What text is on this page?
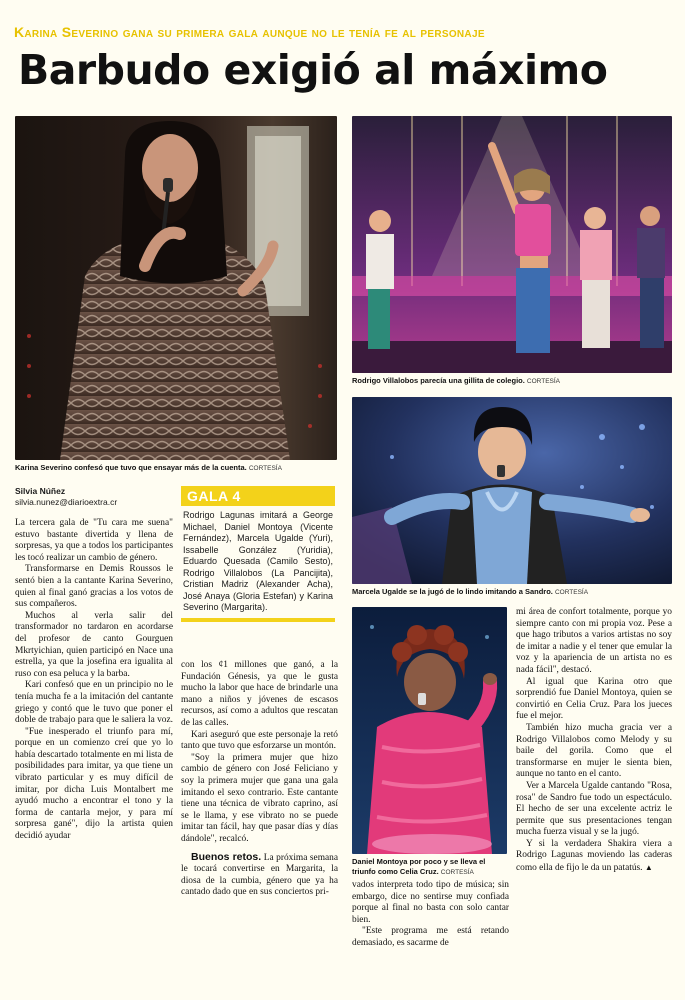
Karina Severino gana su primera gala aunque no le tenía fe al personaje
Barbudo exigió al máximo
Karina Severino confesó que tuvo que ensayar más de la cuenta. CORTESÍA
Rodrigo Villalobos parecía una gillita de colegio. CORTESÍA
Marcela Ugalde se la jugó de lo lindo imitando a Sandro. CORTESÍA
Daniel Montoya por poco y se lleva el triunfo como Celia Cruz. CORTESÍA
Silvia Núñez
silvia.nunez@diarioextra.cr

La tercera gala de "Tu cara me suena" estuvo bastante divertida y llena de sorpresas, ya que a todos los participantes les tocó realizar un cambio de género.

Transformarse en Demis Roussos le sentó bien a la cantante Karina Severino, quien al final ganó gracias a los votos de sus compañeros.

Muchos al verla salir del transformador no tardaron en acordarse del profesor de canto Gourguen Mkrtyichian, quien participó en Nace una estrella, ya que la josefina era igualita al ruso con esa peluca y la barba.

Kari confesó que en un principio no le tenía mucha fe a la imitación del cantante griego y contó que le tuvo que poner el doble de trabajo para que le saliera la voz.

"Fue inesperado el triunfo para mí, porque en un comienzo creí que yo lo había descartado totalmente en mi lista de posibilidades para imitar, ya que tiene un vibrato particular y es muy difícil de imitar, por dicha Luis Montalbert me ayudó mucho a encontrar el tono y la forma de cantarla mejor, y para mí sorpresa gané", dijo la artista quien decidió ayudar

GALA 4
Rodrigo Lagunas imitará a George Michael, Daniel Montoya (Vicente Fernández), Marcela Ugalde (Yuri), Issabelle González (Yuridia), Eduardo Quesada (Camilo Sesto), Rodrigo Villalobos (La Pancijita), Cristian Madriz (Alexander Acha), José Anaya (Gloria Estefan) y Karina Severino (Margarita).

con los ¢1 millones que ganó, a la Fundación Génesis, ya que le gusta mucho la labor que hace de brindarle una mano a niños y jóvenes de escasos recursos, así como a adultos que rescatan de las calles.

Kari aseguró que este personaje la retó tanto que tuvo que esforzarse un montón.

"Soy la primera mujer que hizo cambio de género con José Feliciano y soy la primera mujer que gana una gala imitando el sexo contrario. Este cantante tiene una técnica de vibrato caprino, así se le llama, y ese vibrato no se puede imitar tan fácil, hay que pasar días y días dándole", recalcó.

Buenos retos. La próxima semana le tocará convertirse en Margarita, la diosa de la cumbia, género que ya ha cantado dado que en sus conciertos pri-

vados interpreta todo tipo de música; sin embargo, dice no sentirse muy confiada porque al final no basta con solo cantar bien.

"Este programa me está retando demasiado, es sacarme de

mi área de confort totalmente, porque yo siempre canto con mi propia voz. Pese a que hago tributos a varios artistas no soy de imitar a nadie y el tener que emular la voz y la apariencia de un artista no es nada fácil", destacó.

Al igual que Karina otro que sorprendió fue Daniel Montoya, quien se convirtió en Celia Cruz. Para los jueces fue el mejor.

También hizo mucha gracia ver a Rodrigo Villalobos como Melody y su baile del gorila. Como que el transformarse en mujer le sienta bien, aunque no tanto en el canto.

Ver a Marcela Ugalde cantando "Rosa, rosa" de Sandro fue todo un espectáculo. El hecho de ser una excelente actriz le permite que sus presentaciones tengan mucha fuerza visual y se la jugó.

Y si la verdadera Shakira viera a Rodrigo Lagunas moviendo las caderas como ella de fijo le da un patatús. ▲
